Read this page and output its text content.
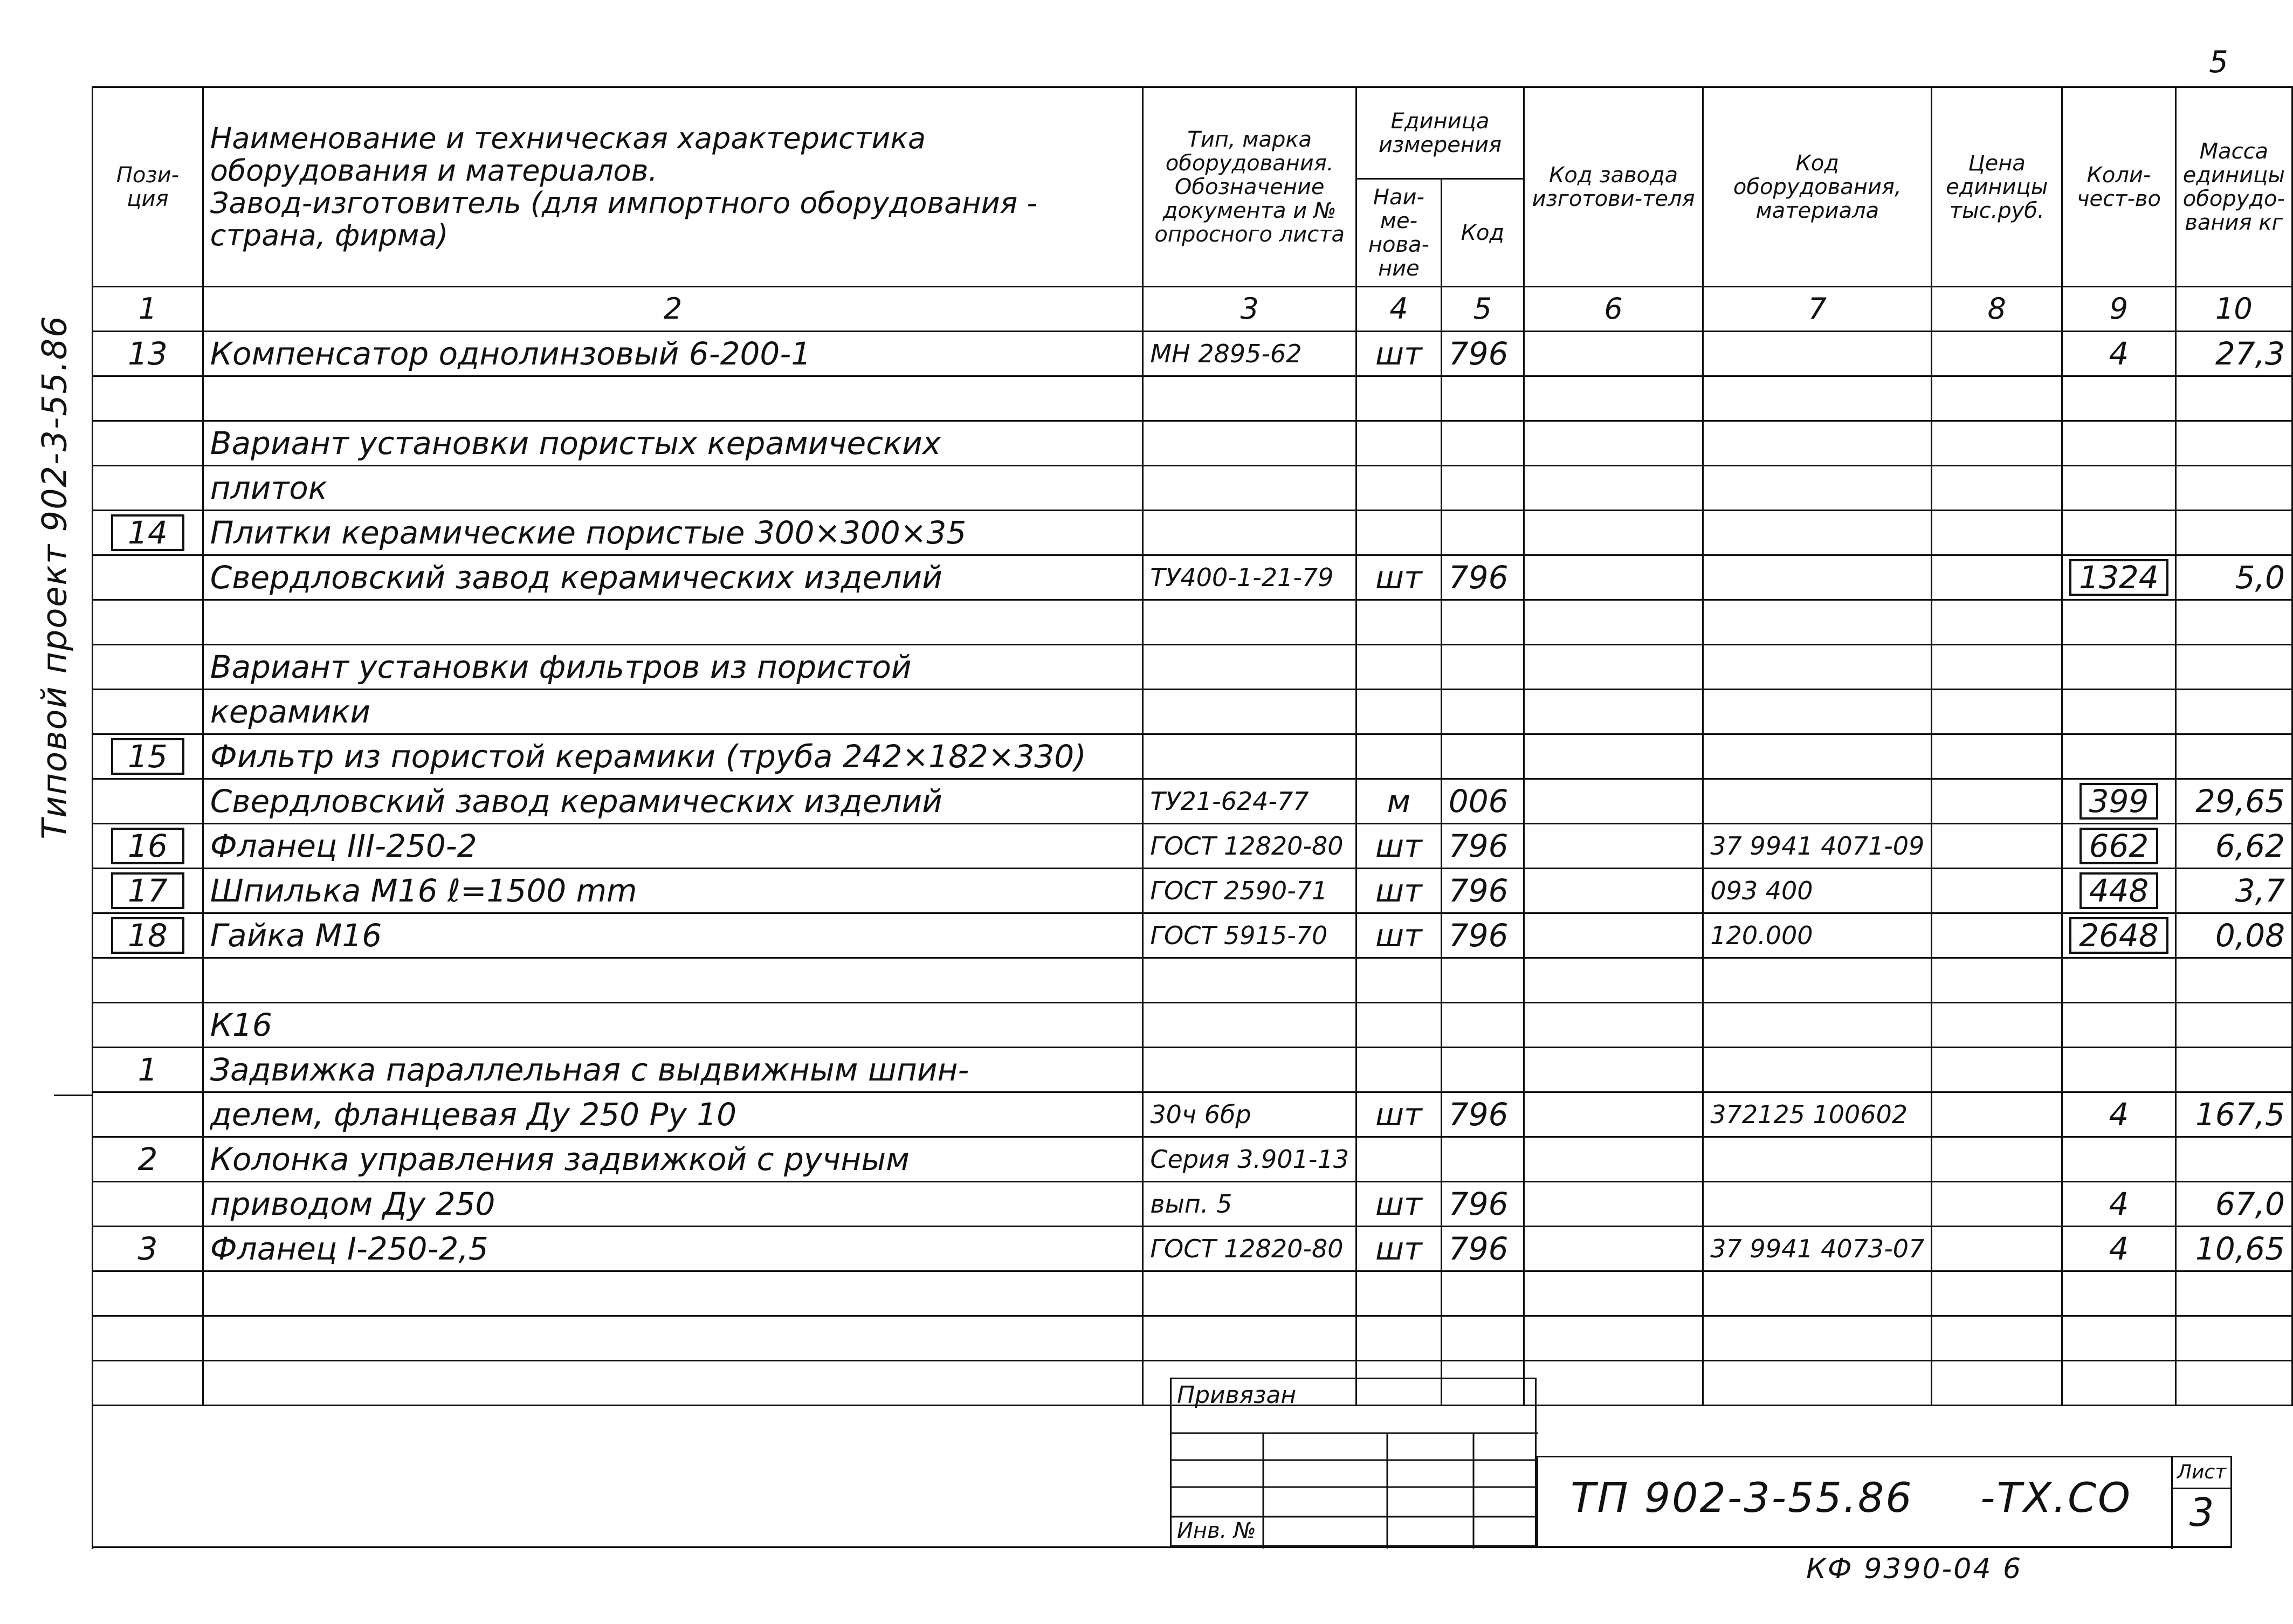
Типовой проект 902-3-55.86
5
Пози-ция	Наименование и техническая характеристика оборудования и матерuалов.
Завод-изготовитель (для импортного оборудования - страна, фирма)	Тип, марка оборудования. Обозначение документа и № опросного листа	Единица измерения		Код завода изготови-теля	Код оборудования, материала	Цена единицы тыс.руб.	Коли-чест-во	Масса единицы оборудо-вания кг
			Наи-ме-нова-ние	Код					
1	2	3	4	5	6	7	8	9	10
13	Компенсатор однолинзовый 6-200-1	МН 2895-62	шт	796				4	27,3

	Вариант установки пористых керамических								
	плиток								
14	Плитки керамические пористые 300×300×35								
	Свердловский завод керамических изделий	ТУ400-1-21-79	шт	796				1324	5,0

	Вариант установки фильтров из пористой								
	керамики								
15	Фильтр из пористой керамики (труба 242×182×330)								
	Свердловский завод керамических изделий	ТУ21-624-77	м	006				399	29,65
16	Фланец III-250-2	ГОСТ 12820-80	шт	796		37 9941 4071-09		662	6,62
17	Шпилька М16 ℓ=1500 mm	ГОСТ 2590-71	шт	796		093 400		448	3,7
18	Гайка М16	ГОСТ 5915-70	шт	796		120.000		2648	0,08

	К16								
1	Задвижка параллельная с выдвижным шпин-								
	делем, фланцевая Ду 250 Ру 10	30ч 6бр	шт	796		372125 100602		4	167,5
2	Колонка управления задвижкой с ручным	Серия 3.901-13							
	приводом Ду 250	вып. 5	шт	796				4	67,0
3	Фланец I-250-2,5	ГОСТ 12820-80	шт	796		37 9941 4073-07		4	10,65

Привязан
Инв. №
ТП 902-3-55.86 -ТХ.СО
Лист
3
КФ 9390-04 6
